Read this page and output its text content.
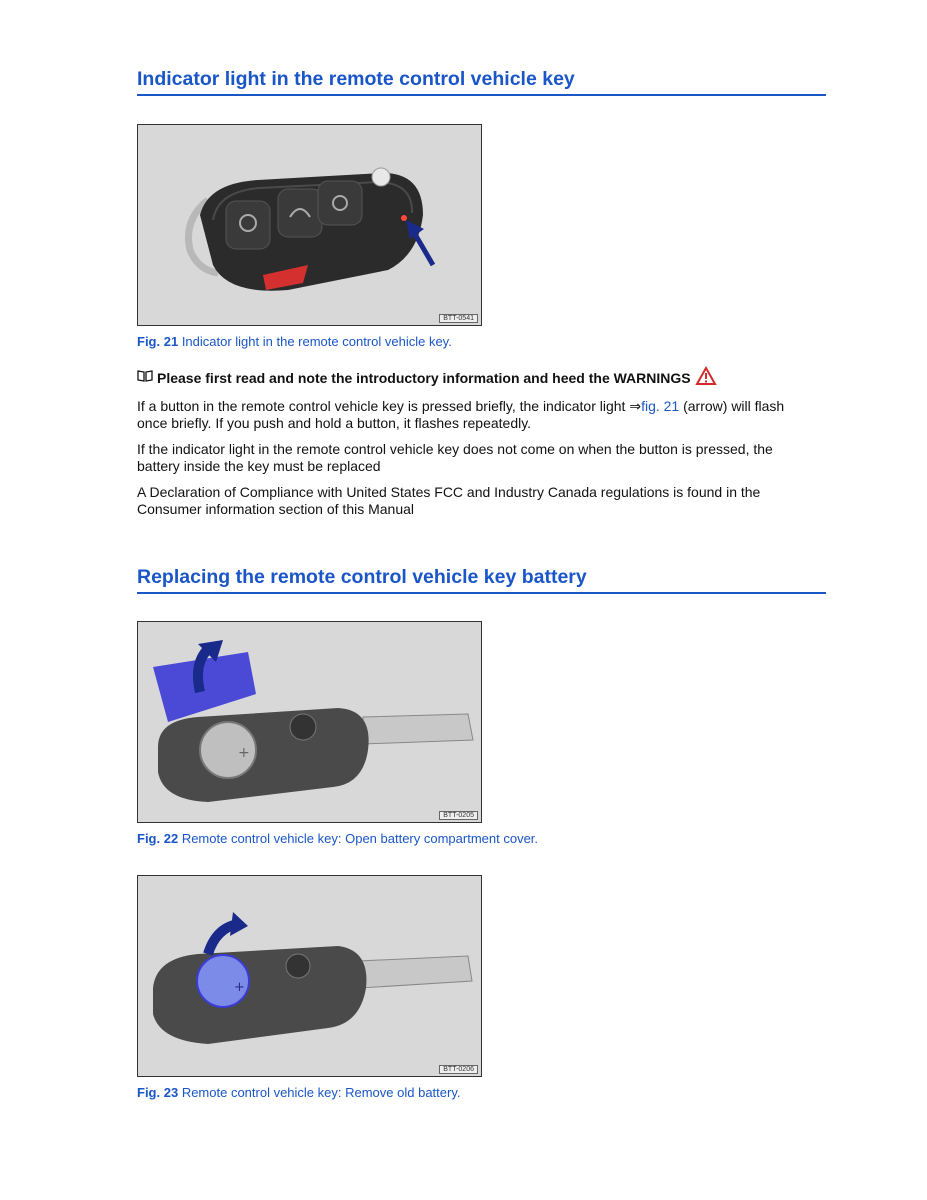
Indicator light in the remote control vehicle key
BTT-0541
Fig. 21 Indicator light in the remote control vehicle key.
Please first read and note the introductory information and heed the WARNINGS

If a button in the remote control vehicle key is pressed briefly, the indicator light ⇒fig. 21 (arrow) will flash once briefly. If you push and hold a button, it flashes repeatedly.

If the indicator light in the remote control vehicle key does not come on when the button is pressed, the battery inside the key must be replaced

A Declaration of Compliance with United States FCC and Industry Canada regulations is found in the Consumer information section of this Manual

Replacing the remote control vehicle key battery
+
BTT-0205
Fig. 22 Remote control vehicle key: Open battery compartment cover.
+
BTT-0206
Fig. 23 Remote control vehicle key: Remove old battery.
